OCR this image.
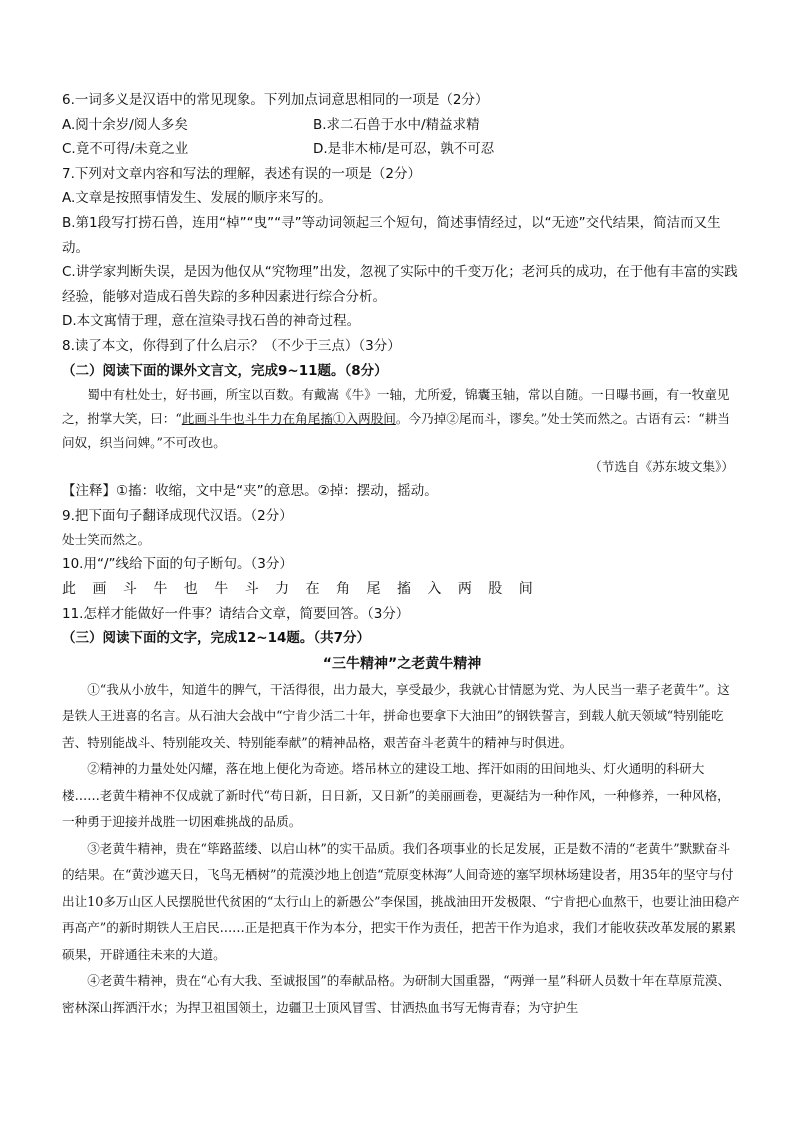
6.一词多义是汉语中的常见现象。下列加点词意思相同的一项是（2分）
A.阅十余岁/阅人多矣	B.求二石兽于水中/精益求精
C.竟不可得/未竟之业	D.是非木柿/是可忍，孰不可忍
7.下列对文章内容和写法的理解，表述有误的一项是（2分）
A.文章是按照事情发生、发展的顺序来写的。
B.第1段写打捞石兽，连用“棹”“曳”“寻”等动词领起三个短句，简述事情经过，以“无迹”交代结果，简洁而又生动。
C.讲学家判断失误，是因为他仅从“究物理”出发，忽视了实际中的千变万化；老河兵的成功，在于他有丰富的实践经验，能够对造成石兽失踪的多种因素进行综合分析。
D.本文寓情于理，意在渲染寻找石兽的神奇过程。
8.读了本文，你得到了什么启示？（不少于三点）（3分）
（二）阅读下面的课外文言文，完成9~11题。（8分）
蜀中有杜处士，好书画，所宝以百数。有戴嵩《牛》一轴，尤所爱，锦囊玉轴，常以自随。一日曝书画，有一牧童见之，拊掌大笑，曰：“此画斗牛也斗牛力在角尾搐①入两股间。今乃掉②尾而斗，谬矣。”处士笑而然之。古语有云：“耕当问奴，织当问婢。”不可改也。
（节选自《苏东坡文集》）
【注释】①搐：收缩，文中是“夹”的意思。②掉：摆动，摇动。
9.把下面句子翻译成现代汉语。（2分）
处士笑而然之。
10.用“/”线给下面的句子断句。（3分）
此 画 斗 牛 也 牛 斗 力 在 角 尾 搐 入 两 股 间
11.怎样才能做好一件事？请结合文章，简要回答。（3分）
（三）阅读下面的文字，完成12~14题。（共7分）
“三牛精神”之老黄牛精神
①“我从小放牛，知道牛的脾气，干活得很，出力最大，享受最少，我就心甘情愿为党、为人民当一辈子老黄牛”。这是铁人王进喜的名言。从石油大会战中“宁肯少活二十年，拼命也要拿下大油田”的钢铁誓言，到载人航天领域“特别能吃苦、特别能战斗、特别能攻关、特别能奉献”的精神品格，艰苦奋斗老黄牛的精神与时俱进。
②精神的力量处处闪耀，落在地上便化为奇迹。塔吊林立的建设工地、挥汗如雨的田间地头、灯火通明的科研大楼……老黄牛精神不仅成就了新时代“苟日新，日日新，又日新”的美丽画卷，更凝结为一种作风，一种修养，一种风格，一种勇于迎接并战胜一切困难挑战的品质。
③老黄牛精神，贵在“筚路蓝缕、以启山林”的实干品质。我们各项事业的长足发展，正是数不清的“老黄牛”默默奋斗的结果。在“黄沙遮天日，飞鸟无栖树”的荒漠沙地上创造“荒原变林海”人间奇迹的塞罕坝林场建设者，用35年的坚守与付出让10多万山区人民摆脱世代贫困的“太行山上的新愚公”李保国，挑战油田开发极限、“宁肯把心血熬干，也要让油田稳产再高产”的新时期铁人王启民……正是把真干作为本分，把实干作为责任，把苦干作为追求，我们才能收获改革发展的累累硕果，开辟通往未来的大道。
④老黄牛精神，贵在“心有大我、至诚报国”的奉献品格。为研制大国重器，“两弹一星”科研人员数十年在草原荒漠、密林深山挥洒汗水；为捍卫祖国领土，边疆卫士顶风冒雪、甘洒热血书写无悔青春；为守护生
